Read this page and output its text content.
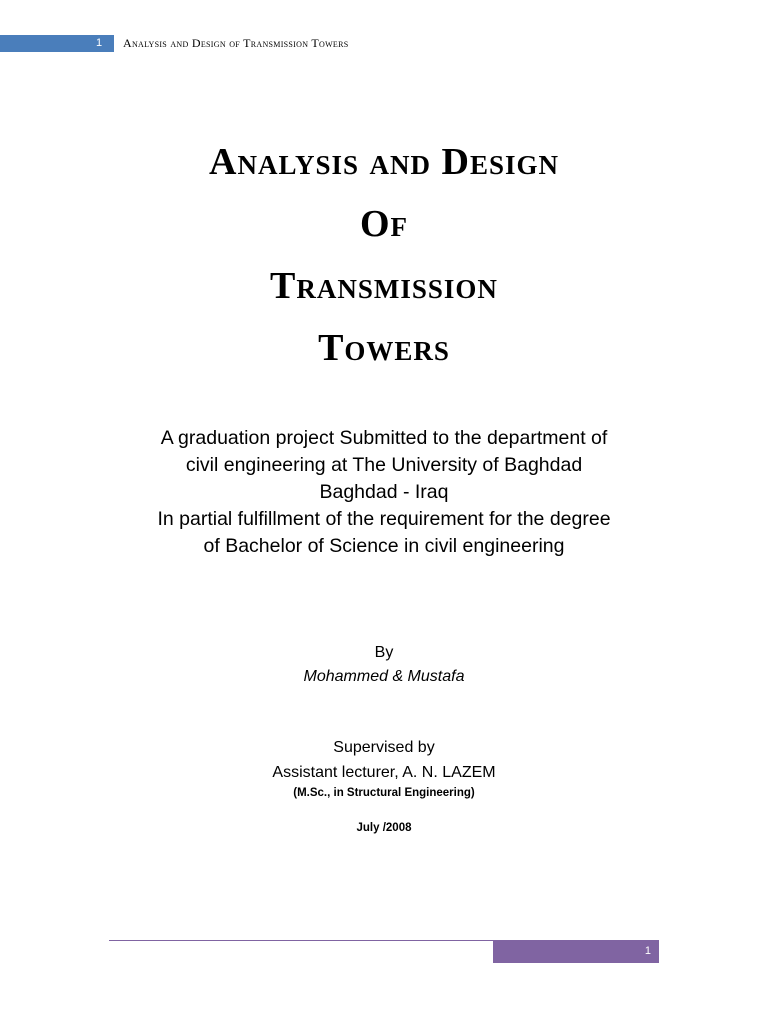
1 Analysis and Design of Transmission Towers
Analysis and Design
Of
Transmission
Towers
A graduation project Submitted to the department of
civil engineering at The University of Baghdad
Baghdad - Iraq
In partial fulfillment of the requirement for the degree
of Bachelor of Science in civil engineering
By
Mohammed & Mustafa
Supervised by
Assistant lecturer, A. N. LAZEM
(M.Sc., in Structural Engineering)
July /2008
1
